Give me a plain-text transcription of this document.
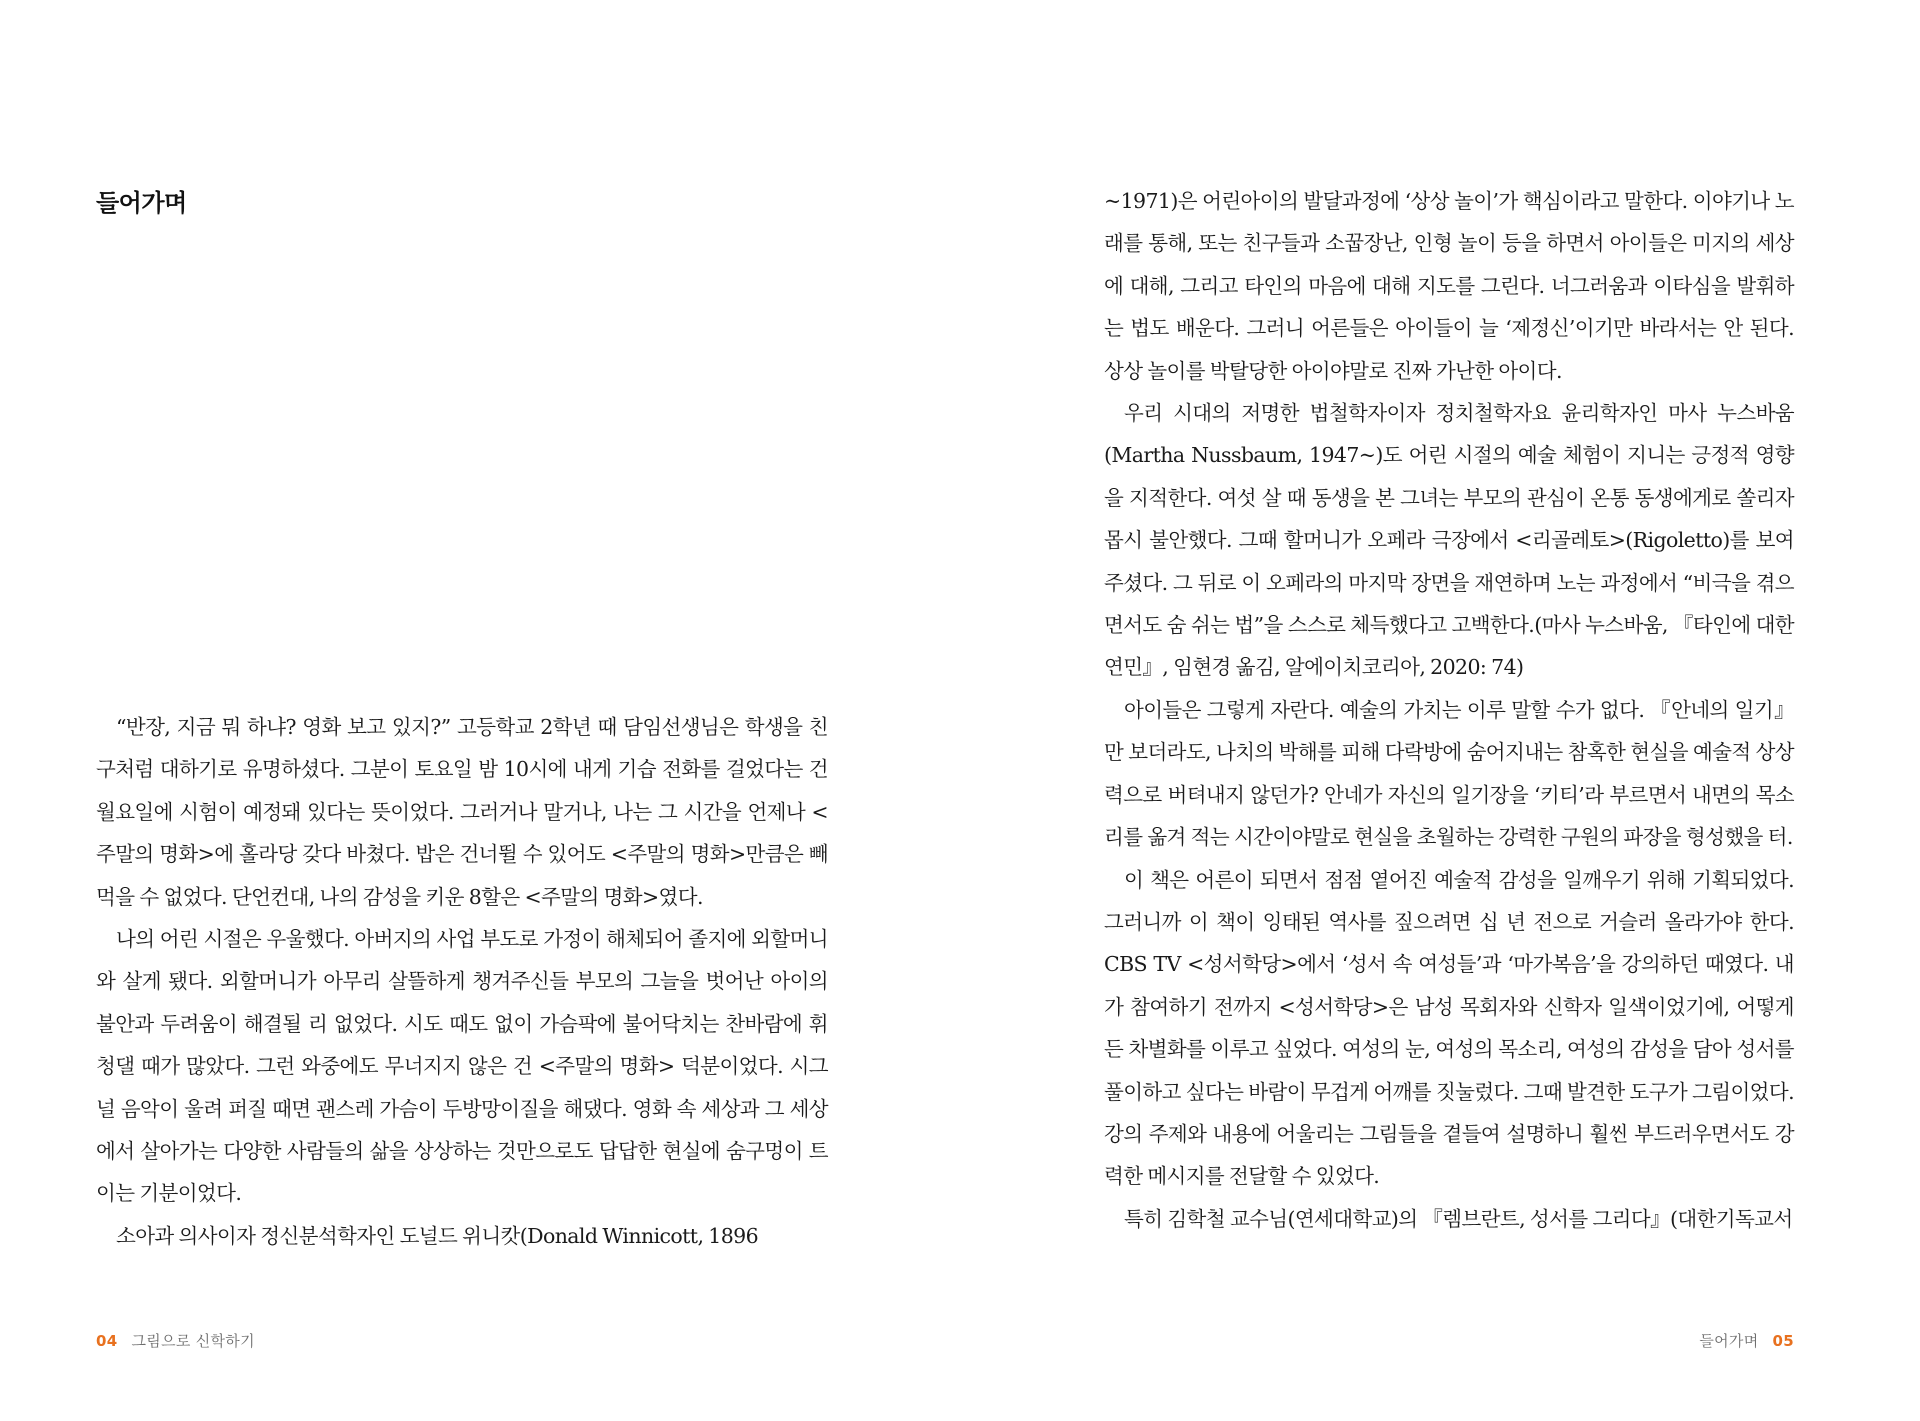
들어가며

“반장, 지금 뭐 하냐? 영화 보고 있지?” 고등학교 2학년 때 담임선생님은 학생을 친구처럼 대하기로 유명하셨다. 그분이 토요일 밤 10시에 내게 기습 전화를 걸었다는 건 월요일에 시험이 예정돼 있다는 뜻이었다. 그러거나 말거나, 나는 그 시간을 언제나 <주말의 명화>에 홀라당 갖다 바쳤다. 밥은 건너뛸 수 있어도 <주말의 명화>만큼은 빼먹을 수 없었다. 단언컨대, 나의 감성을 키운 8할은 <주말의 명화>였다.

나의 어린 시절은 우울했다. 아버지의 사업 부도로 가정이 해체되어 졸지에 외할머니와 살게 됐다. 외할머니가 아무리 살뜰하게 챙겨주신들 부모의 그늘을 벗어난 아이의 불안과 두려움이 해결될 리 없었다. 시도 때도 없이 가슴팍에 불어닥치는 찬바람에 휘청댈 때가 많았다. 그런 와중에도 무너지지 않은 건 <주말의 명화> 덕분이었다. 시그널 음악이 울려 퍼질 때면 괜스레 가슴이 두방망이질을 해댔다. 영화 속 세상과 그 세상에서 살아가는 다양한 사람들의 삶을 상상하는 것만으로도 답답한 현실에 숨구멍이 트이는 기분이었다.

소아과 의사이자 정신분석학자인 도널드 위니캇(Donald Winnicott, 1896

04 그림으로 신학하기

~1971)은 어린아이의 발달과정에 ‘상상 놀이’가 핵심이라고 말한다. 이야기나 노래를 통해, 또는 친구들과 소꿉장난, 인형 놀이 등을 하면서 아이들은 미지의 세상에 대해, 그리고 타인의 마음에 대해 지도를 그린다. 너그러움과 이타심을 발휘하는 법도 배운다. 그러니 어른들은 아이들이 늘 ‘제정신’이기만 바라서는 안 된다. 상상 놀이를 박탈당한 아이야말로 진짜 가난한 아이다.

우리 시대의 저명한 법철학자이자 정치철학자요 윤리학자인 마사 누스바움(Martha Nussbaum, 1947~)도 어린 시절의 예술 체험이 지니는 긍정적 영향을 지적한다. 여섯 살 때 동생을 본 그녀는 부모의 관심이 온통 동생에게로 쏠리자 몹시 불안했다. 그때 할머니가 오페라 극장에서 <리골레토>(Rigoletto)를 보여 주셨다. 그 뒤로 이 오페라의 마지막 장면을 재연하며 노는 과정에서 “비극을 겪으면서도 숨 쉬는 법”을 스스로 체득했다고 고백한다.(마사 누스바움, 『타인에 대한 연민』, 임현경 옮김, 알에이치코리아, 2020: 74)

아이들은 그렇게 자란다. 예술의 가치는 이루 말할 수가 없다. 『안네의 일기』만 보더라도, 나치의 박해를 피해 다락방에 숨어지내는 참혹한 현실을 예술적 상상력으로 버텨내지 않던가? 안네가 자신의 일기장을 ‘키티’라 부르면서 내면의 목소리를 옮겨 적는 시간이야말로 현실을 초월하는 강력한 구원의 파장을 형성했을 터.

이 책은 어른이 되면서 점점 옅어진 예술적 감성을 일깨우기 위해 기획되었다. 그러니까 이 책이 잉태된 역사를 짚으려면 십 년 전으로 거슬러 올라가야 한다. CBS TV <성서학당>에서 ‘성서 속 여성들’과 ‘마가복음’을 강의하던 때였다. 내가 참여하기 전까지 <성서학당>은 남성 목회자와 신학자 일색이었기에, 어떻게든 차별화를 이루고 싶었다. 여성의 눈, 여성의 목소리, 여성의 감성을 담아 성서를 풀이하고 싶다는 바람이 무겁게 어깨를 짓눌렀다. 그때 발견한 도구가 그림이었다. 강의 주제와 내용에 어울리는 그림들을 곁들여 설명하니 훨씬 부드러우면서도 강력한 메시지를 전달할 수 있었다.

특히 김학철 교수님(연세대학교)의 『렘브란트, 성서를 그리다』(대한기독교서

들어가며 05
